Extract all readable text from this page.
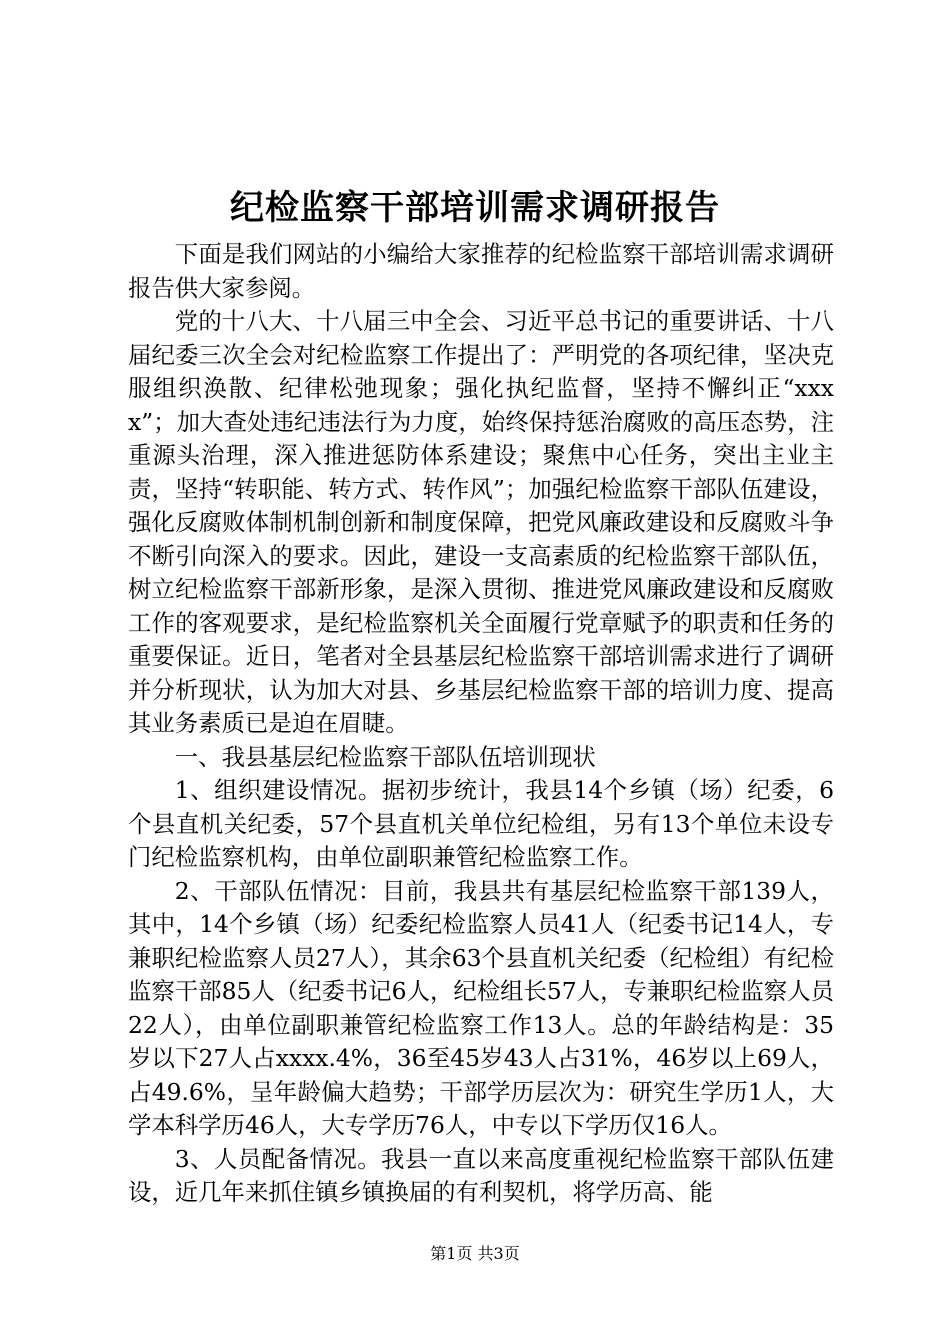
纪检监察干部培训需求调研报告

下面是我们网站的小编给大家推荐的纪检监察干部培训需求调研报告供大家参阅。

党的十八大、十八届三中全会、习近平总书记的重要讲话、十八届纪委三次全会对纪检监察工作提出了：严明党的各项纪律，坚决克服组织涣散、纪律松弛现象；强化执纪监督，坚持不懈纠正“xxxx”；加大查处违纪违法行为力度，始终保持惩治腐败的高压态势，注重源头治理，深入推进惩防体系建设；聚焦中心任务，突出主业主责，坚持“转职能、转方式、转作风”；加强纪检监察干部队伍建设，强化反腐败体制机制创新和制度保障，把党风廉政建设和反腐败斗争不断引向深入的要求。因此，建设一支高素质的纪检监察干部队伍，树立纪检监察干部新形象，是深入贯彻、推进党风廉政建设和反腐败工作的客观要求，是纪检监察机关全面履行党章赋予的职责和任务的重要保证。近日，笔者对全县基层纪检监察干部培训需求进行了调研并分析现状，认为加大对县、乡基层纪检监察干部的培训力度、提高其业务素质已是迫在眉睫。

一、我县基层纪检监察干部队伍培训现状

1、组织建设情况。据初步统计，我县14个乡镇（场）纪委，6个县直机关纪委，57个县直机关单位纪检组，另有13个单位未设专门纪检监察机构，由单位副职兼管纪检监察工作。

2、干部队伍情况：目前，我县共有基层纪检监察干部139人，其中，14个乡镇（场）纪委纪检监察人员41人（纪委书记14人，专兼职纪检监察人员27人），其余63个县直机关纪委（纪检组）有纪检监察干部85人（纪委书记6人，纪检组长57人，专兼职纪检监察人员22人），由单位副职兼管纪检监察工作13人。总的年龄结构是：35岁以下27人占xxxx.4%，36至45岁43人占31%，46岁以上69人，占49.6%，呈年龄偏大趋势；干部学历层次为：研究生学历1人，大学本科学历46人，大专学历76人，中专以下学历仅16人。

3、人员配备情况。我县一直以来高度重视纪检监察干部队伍建设，近几年来抓住镇乡镇换届的有利契机，将学历高、能

第1页 共3页
